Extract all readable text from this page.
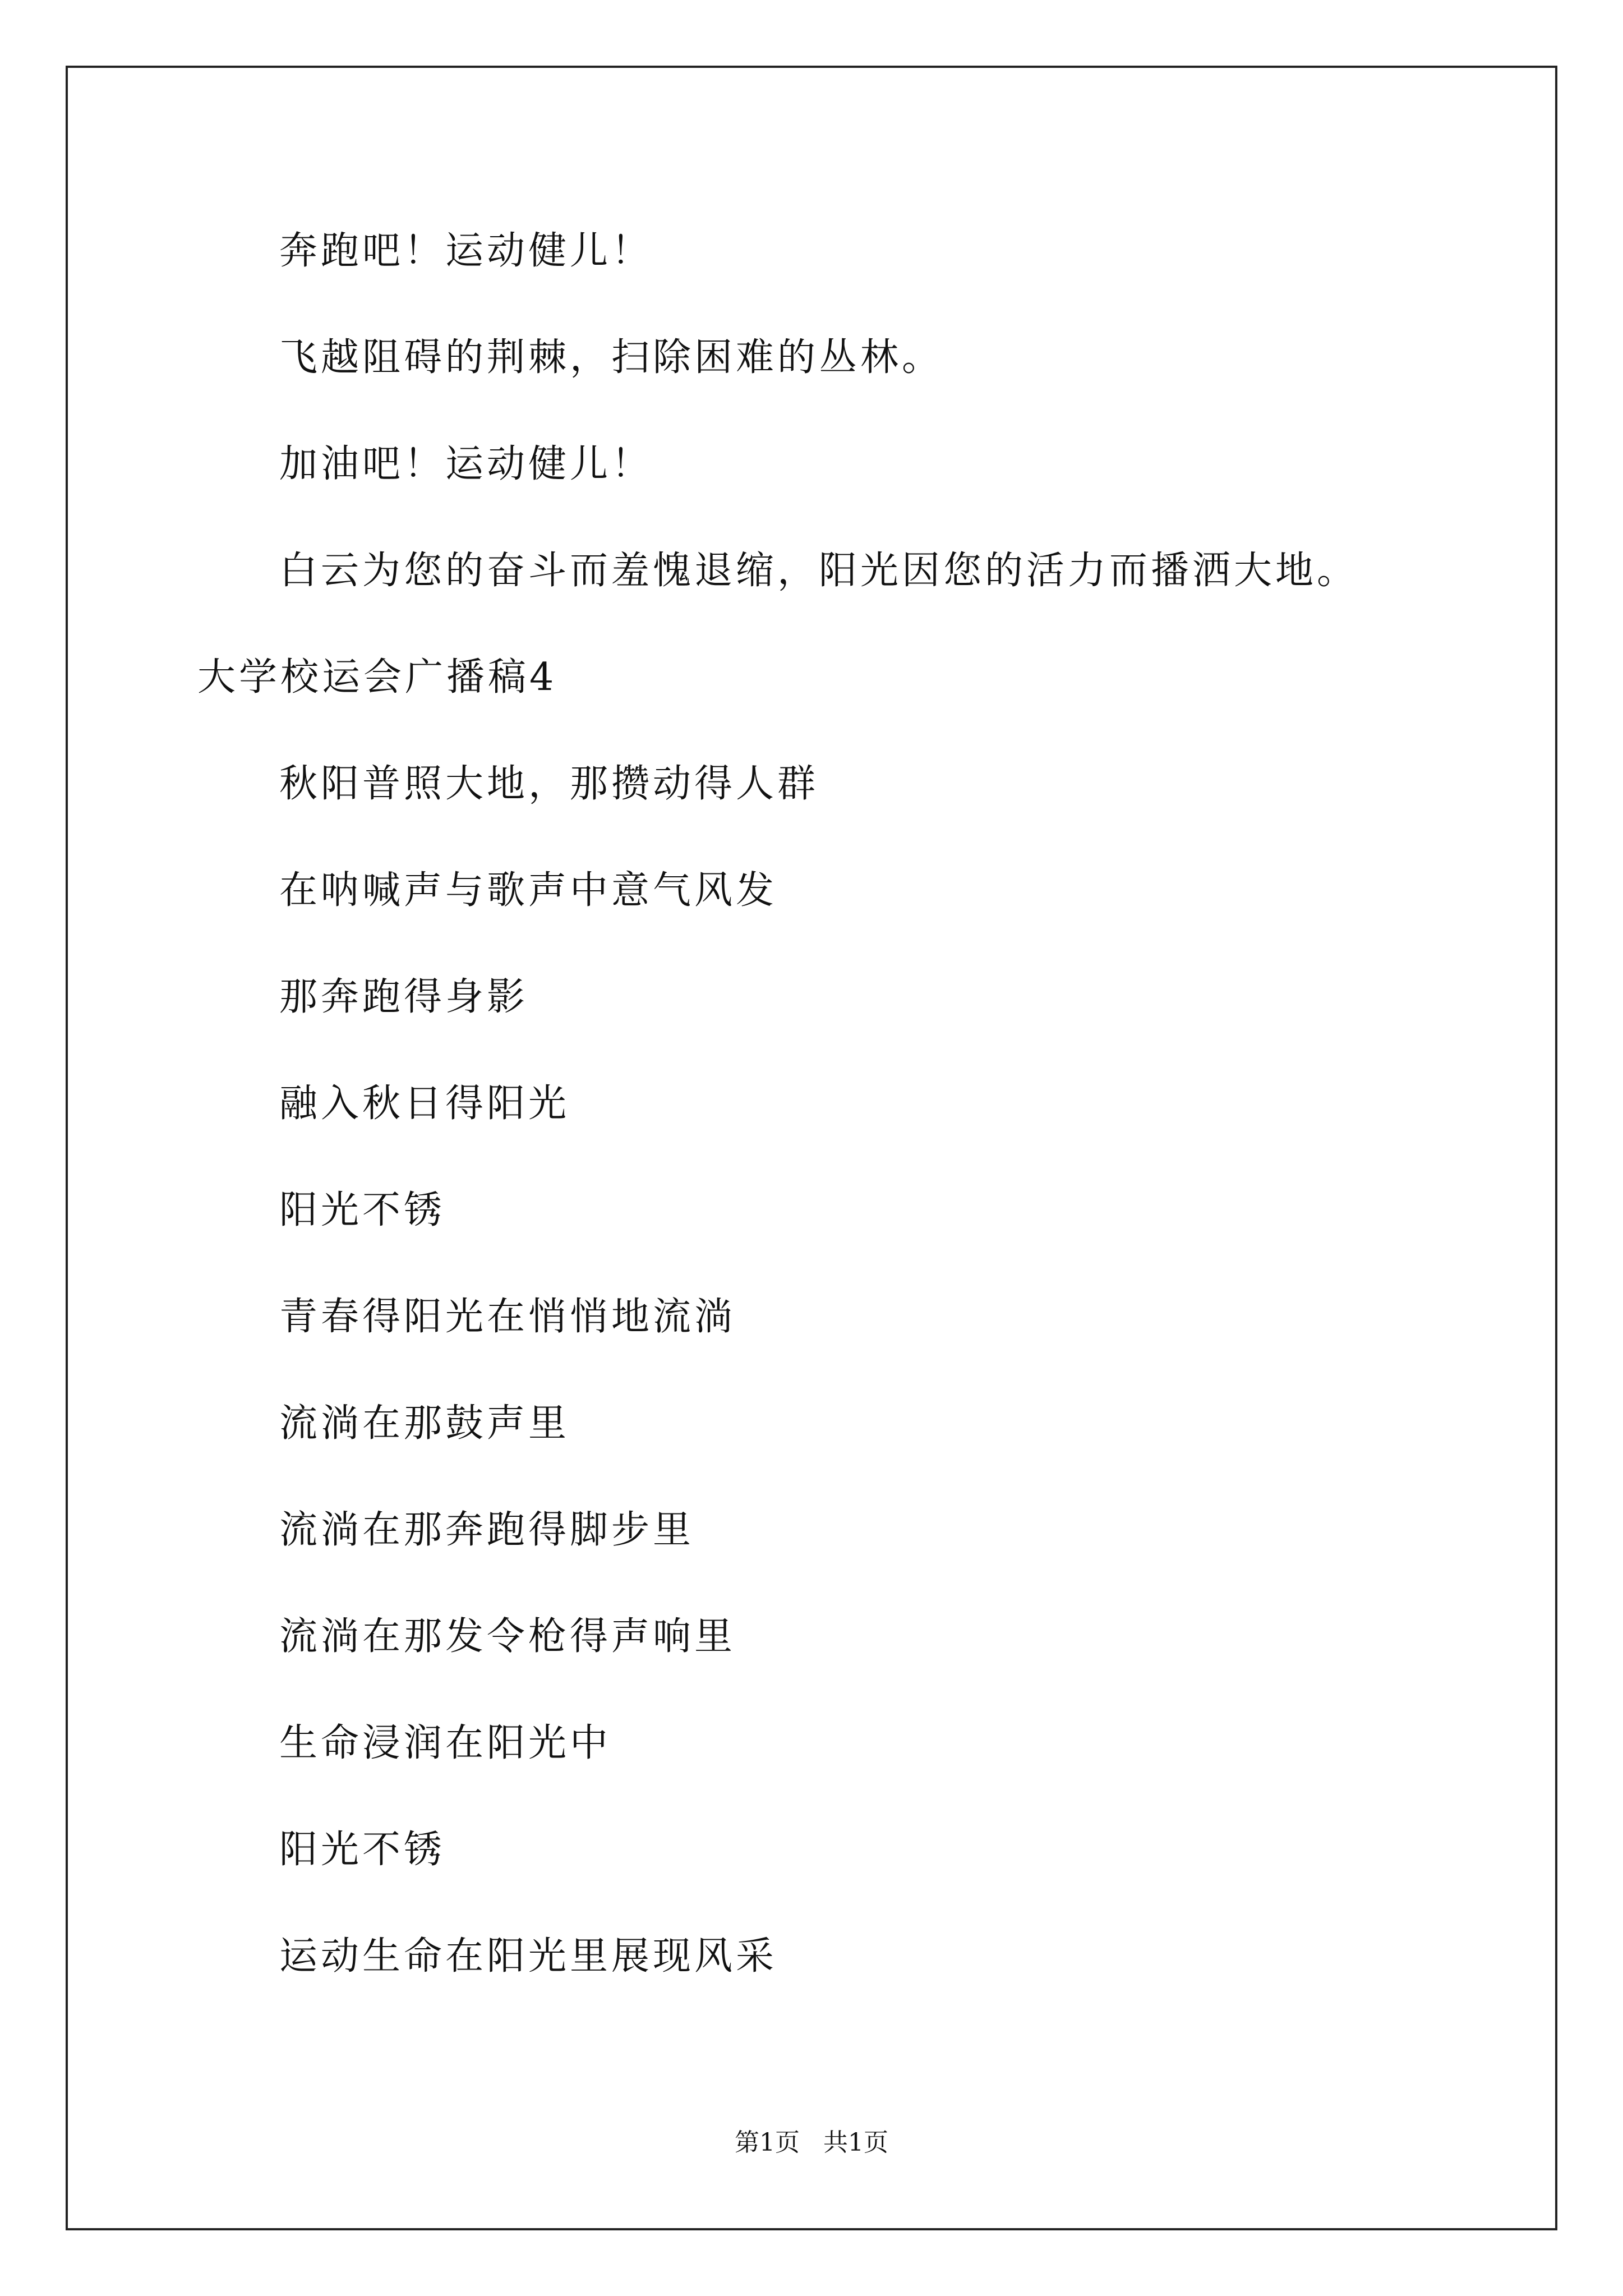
奔跑吧！运动健儿！
飞越阻碍的荆棘，扫除困难的丛林。
加油吧！运动健儿！
白云为您的奋斗而羞愧退缩，阳光因您的活力而播洒大地。
大学校运会广播稿4
秋阳普照大地，那攒动得人群
在呐喊声与歌声中意气风发
那奔跑得身影
融入秋日得阳光
阳光不锈
青春得阳光在悄悄地流淌
流淌在那鼓声里
流淌在那奔跑得脚步里
流淌在那发令枪得声响里
生命浸润在阳光中
阳光不锈
运动生命在阳光里展现风采
第1页   共1页
